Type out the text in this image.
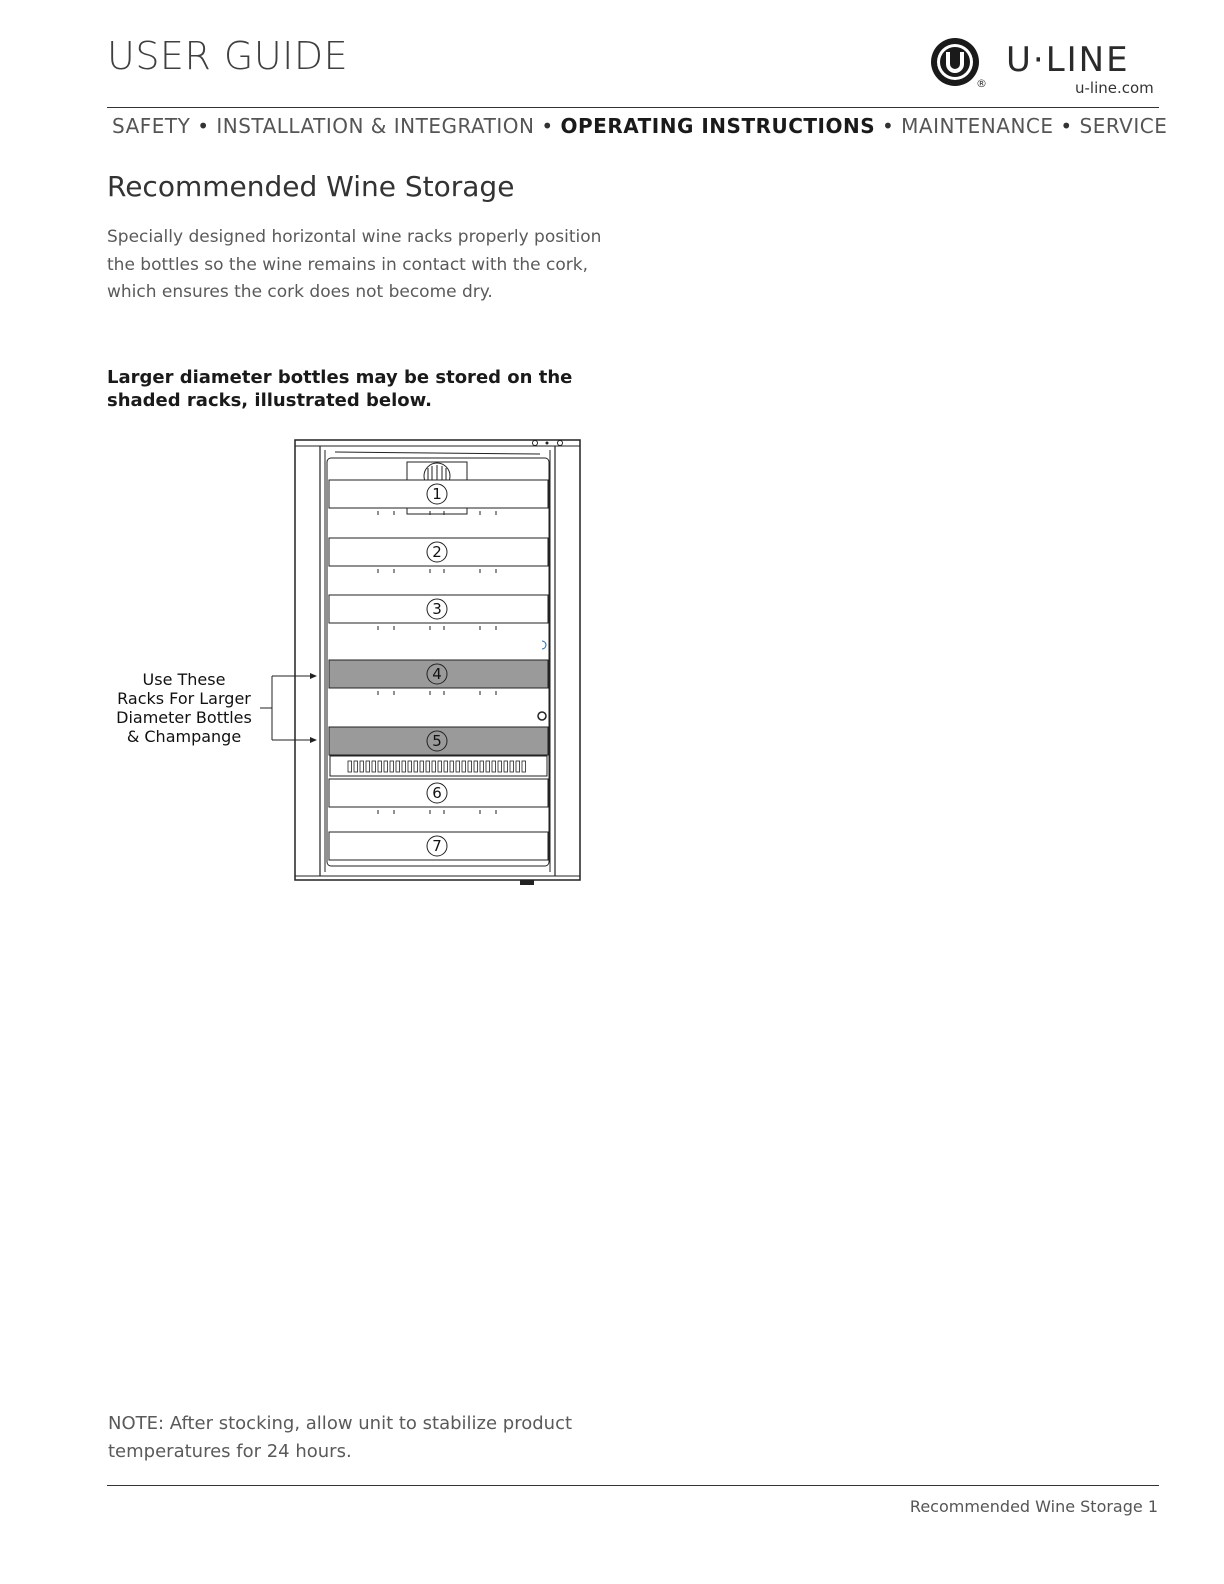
USER GUIDE	U·LINE
®	u-line.com
SAFETY • INSTALLATION & INTEGRATION • OPERATING INSTRUCTIONS • MAINTENANCE • SERVICE
Recommended Wine Storage
Specially designed horizontal wine racks properly position
the bottles so the wine remains in contact with the cork,
which ensures the cork does not become dry.
Larger diameter bottles may be stored on the
shaded racks, illustrated below.
1
2
3
4
5
6
7
Use These
Racks For Larger
Diameter Bottles
& Champange
NOTE: After stocking, allow unit to stabilize product
temperatures for 24 hours.
Recommended Wine Storage 1
